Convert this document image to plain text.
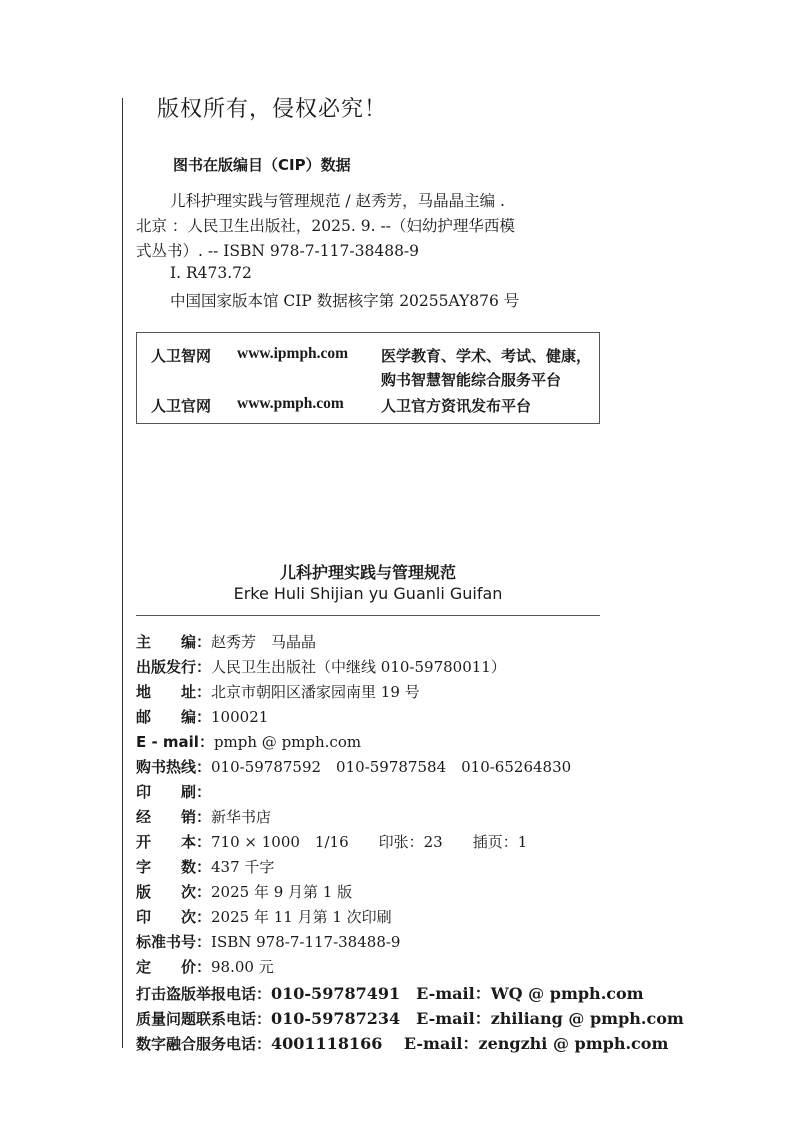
版权所有，侵权必究！
图书在版编目（CIP）数据
儿科护理实践与管理规范 / 赵秀芳，马晶晶主编 .
北京 ：人民卫生出版社，2025. 9. --（妇幼护理华西模
式丛书）. -- ISBN 978-7-117-38488-9
Ⅰ. R473.72
中国国家版本馆 CIP 数据核字第 20255AY876 号
人卫智网 www.ipmph.com 医学教育、学术、考试、健康，
购书智慧智能综合服务平台
人卫官网 www.pmph.com 人卫官方资讯发布平台
儿科护理实践与管理规范
Erke Huli Shijian yu Guanli Guifan
主　　编：赵秀芳　马晶晶
出版发行：人民卫生出版社（中继线 010-59780011）
地　　址：北京市朝阳区潘家园南里 19 号
邮　　编：100021
E - mail：pmph @ pmph.com
购书热线：010-59787592　010-59787584　010-65264830
印　　刷：
经　　销：新华书店
开　　本：710 × 1000　1/16　　印张：23　　插页：1
字　　数：437 千字
版　　次：2025 年 9 月第 1 版
印　　次：2025 年 11 月第 1 次印刷
标准书号：ISBN 978-7-117-38488-9
定　　价：98.00 元
打击盗版举报电话：010-59787491　E-mail：WQ @ pmph.com
质量问题联系电话：010-59787234　E-mail：zhiliang @ pmph.com
数字融合服务电话：4001118166　 E-mail：zengzhi @ pmph.com
